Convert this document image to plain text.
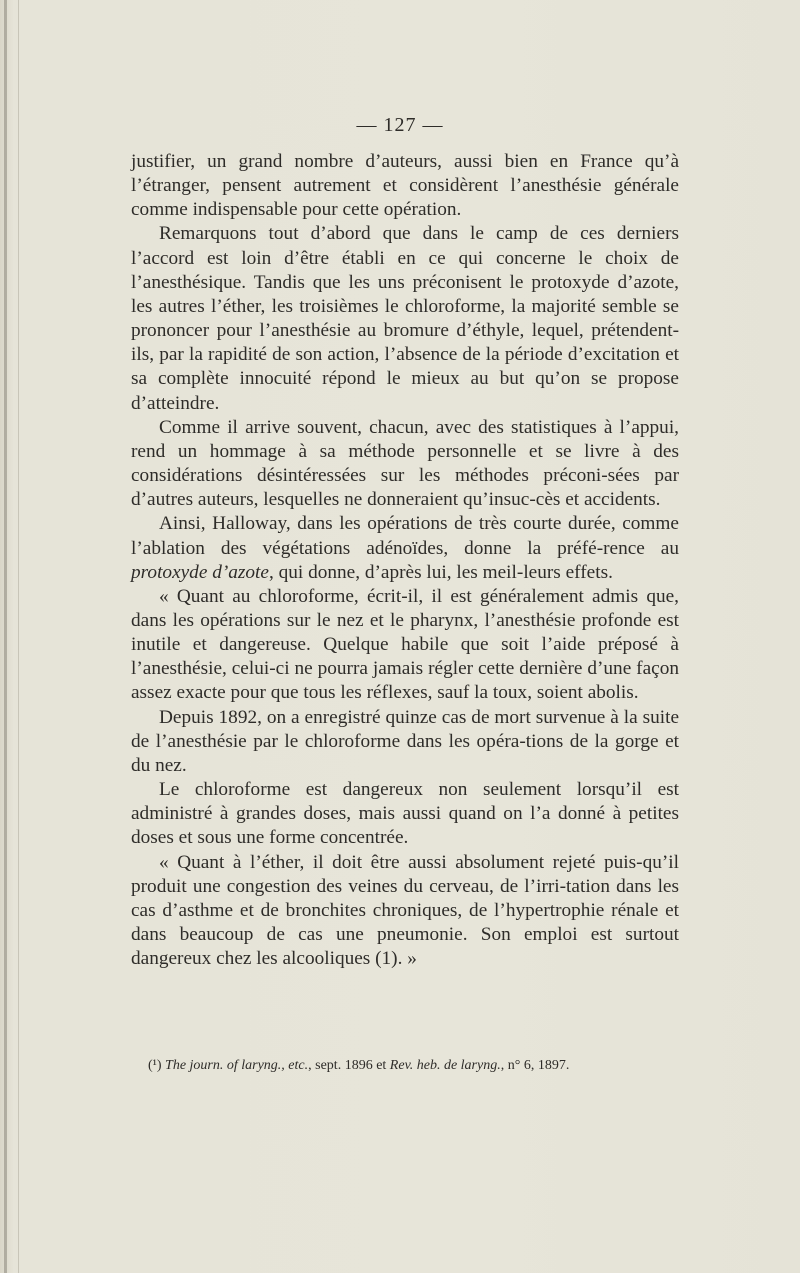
— 127 —

justifier, un grand nombre d’auteurs, aussi bien en France qu’à l’étranger, pensent autrement et considèrent l’anesthésie générale comme indispensable pour cette opération.

Remarquons tout d’abord que dans le camp de ces derniers l’accord est loin d’être établi en ce qui concerne le choix de l’anesthésique. Tandis que les uns préconisent le protoxyde d’azote, les autres l’éther, les troisièmes le chloroforme, la majorité semble se prononcer pour l’anesthésie au bromure d’éthyle, lequel, prétendent-ils, par la rapidité de son action, l’absence de la période d’excitation et sa complète innocuité répond le mieux au but qu’on se propose d’atteindre.

Comme il arrive souvent, chacun, avec des statistiques à l’appui, rend un hommage à sa méthode personnelle et se livre à des considérations désintéressées sur les méthodes préconi-sées par d’autres auteurs, lesquelles ne donneraient qu’insuc-cès et accidents.

Ainsi, Halloway, dans les opérations de très courte durée, comme l’ablation des végétations adénoïdes, donne la préfé-rence au protoxyde d’azote, qui donne, d’après lui, les meil-leurs effets.

« Quant au chloroforme, écrit-il, il est généralement admis que, dans les opérations sur le nez et le pharynx, l’anesthésie profonde est inutile et dangereuse. Quelque habile que soit l’aide préposé à l’anesthésie, celui-ci ne pourra jamais régler cette dernière d’une façon assez exacte pour que tous les réflexes, sauf la toux, soient abolis.

Depuis 1892, on a enregistré quinze cas de mort survenue à la suite de l’anesthésie par le chloroforme dans les opéra-tions de la gorge et du nez.

Le chloroforme est dangereux non seulement lorsqu’il est administré à grandes doses, mais aussi quand on l’a donné à petites doses et sous une forme concentrée.

« Quant à l’éther, il doit être aussi absolument rejeté puis-qu’il produit une congestion des veines du cerveau, de l’irri-tation dans les cas d’asthme et de bronchites chroniques, de l’hypertrophie rénale et dans beaucoup de cas une pneumonie. Son emploi est surtout dangereux chez les alcooliques (1). »

(¹) The journ. of laryng., etc., sept. 1896 et Rev. heb. de laryng., n° 6, 1897.
